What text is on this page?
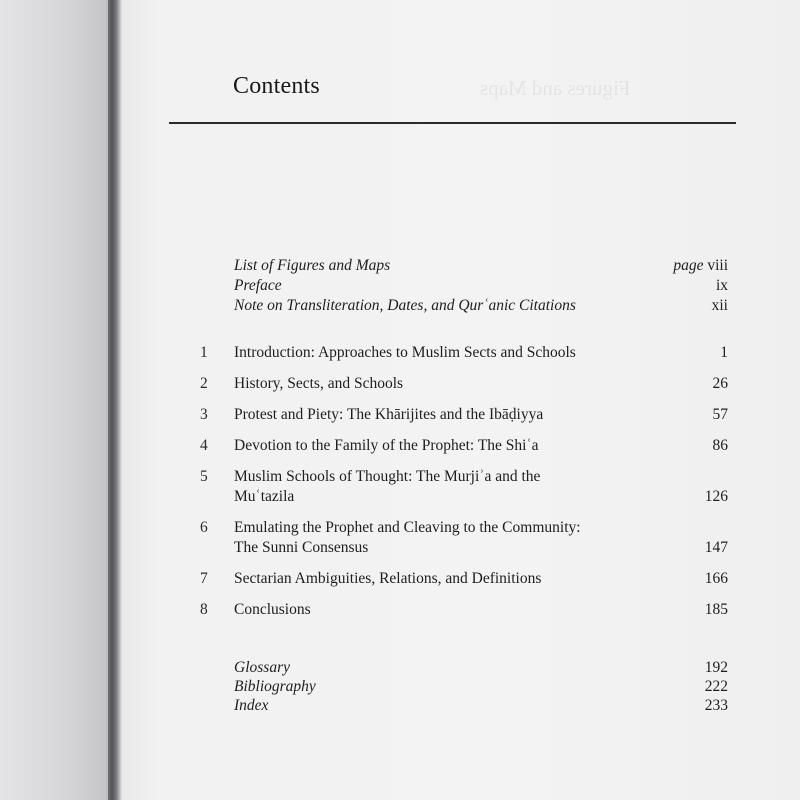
Figures and Maps
Contents
List of Figures and Maps	page viii
Preface	ix
Note on Transliteration, Dates, and Qurʿanic Citations	xii
1	Introduction: Approaches to Muslim Sects and Schools	1
2	History, Sects, and Schools	26
3	Protest and Piety: The Khārijites and the Ibāḍiyya	57
4	Devotion to the Family of the Prophet: The Shiʿa	86
5	Muslim Schools of Thought: The Murjiʾa and the
Muʿtazila	126
6	Emulating the Prophet and Cleaving to the Community:
The Sunni Consensus	147
7	Sectarian Ambiguities, Relations, and Definitions	166
8	Conclusions	185
Glossary	192
Bibliography	222
Index	233
